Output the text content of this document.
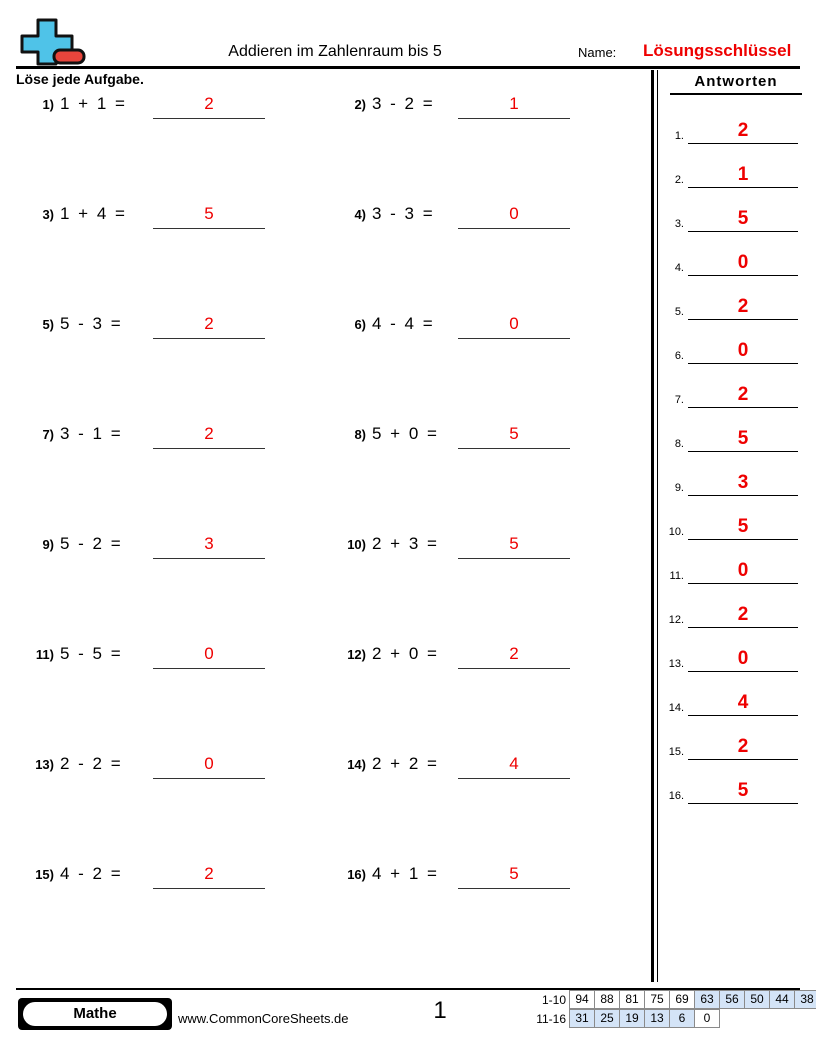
Addieren im Zahlenraum bis 5	Name: Lösungsschlüssel
Löse jede Aufgabe.
1) 1 + 1 =	2	2) 3 - 2 =	1
3) 1 + 4 =	5	4) 3 - 3 =	0
5) 5 - 3 =	2	6) 4 - 4 =	0
7) 3 - 1 =	2	8) 5 + 0 =	5
9) 5 - 2 =	3	10) 2 + 3 =	5
11) 5 - 5 =	0	12) 2 + 0 =	2
13) 2 - 2 =	0	14) 2 + 2 =	4
15) 4 - 2 =	2	16) 4 + 1 =	5
Antworten
1.	2
2.	1
3.	5
4.	0
5.	2
6.	0
7.	2
8.	5
9.	3
10.	5
11.	0
12.	2
13.	0
14.	4
15.	2
16.	5
Mathe	www.CommonCoreSheets.de	1	1-10 94 88 81 75 69 63 56 50 44 38
11-16 31 25 19 13 6 0
